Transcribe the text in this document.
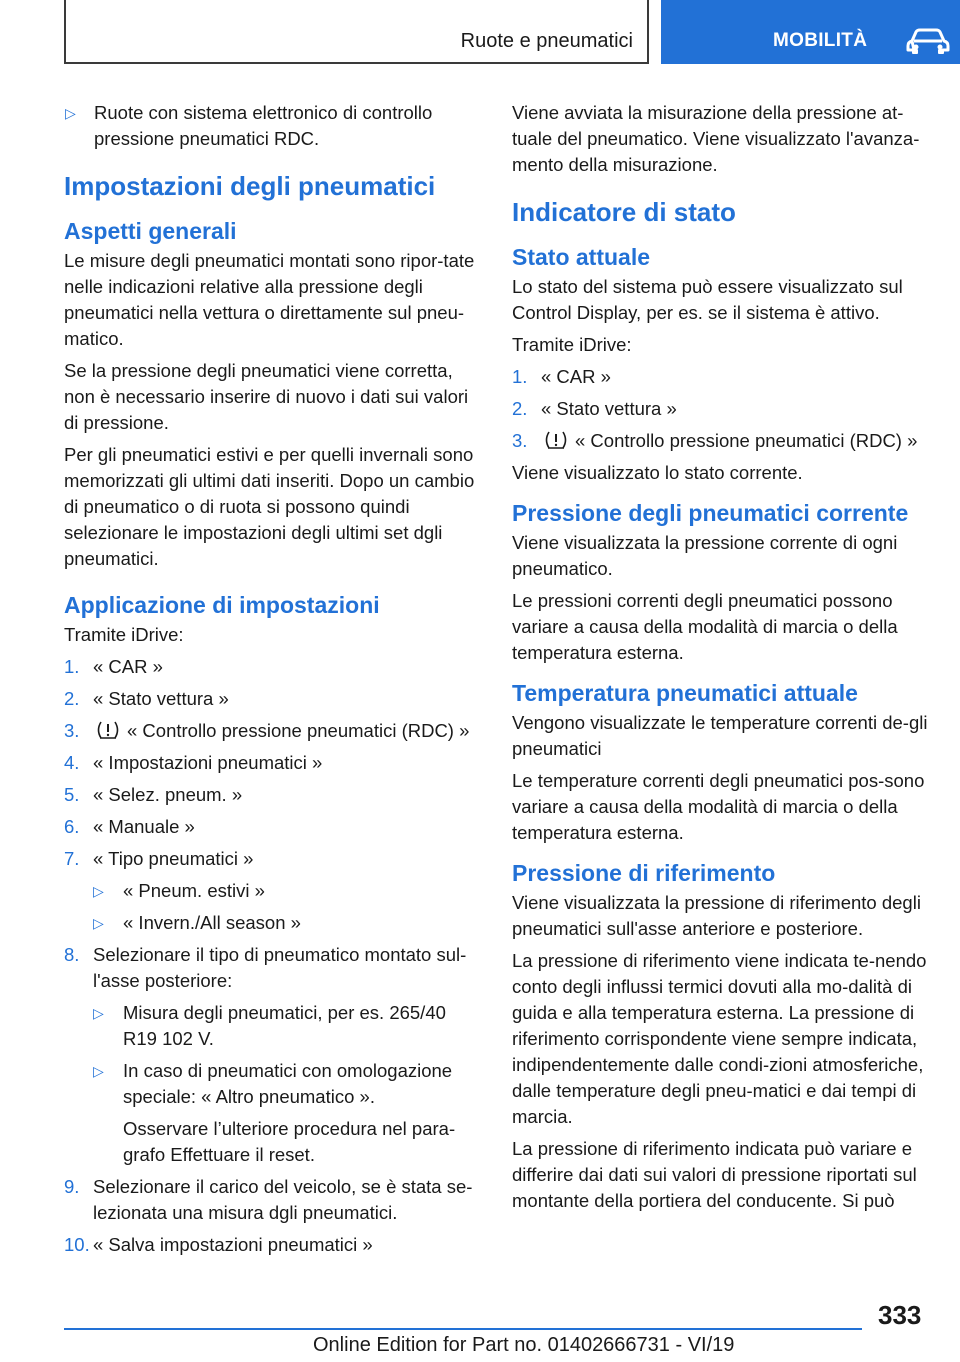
Ruote e pneumatici	MOBILITÀ
▷ Ruote con sistema elettronico di controllo pressione pneumatici RDC.
Impostazioni degli pneumatici
Aspetti generali

Le misure degli pneumatici montati sono ripor-tate nelle indicazioni relative alla pressione degli pneumatici nella vettura o direttamente sul pneu-matico.

Se la pressione degli pneumatici viene corretta, non è necessario inserire di nuovo i dati sui valori di pressione.

Per gli pneumatici estivi e per quelli invernali sono memorizzati gli ultimi dati inseriti. Dopo un cambio di pneumatico o di ruota si possono quindi selezionare le impostazioni degli ultimi set dgli pneumatici.

Applicazione di impostazioni

Tramite iDrive:

1. « CAR »
2. « Stato vettura »
3.	« Controllo pressione pneumatici (RDC) »
4. « Impostazioni pneumatici »
5. « Selez. pneum. »
6. « Manuale »
7. « Tipo pneumatici »
▷ « Pneum. estivi »
▷ « Invern./All season »
8. Selezionare il tipo di pneumatico montato sul-l'asse posteriore:
▷ Misura degli pneumatici, per es. 265/40 R19 102 V.
▷ In caso di pneumatici con omologazione speciale: « Altro pneumatico ».
Osservare l’ulteriore procedura nel para-grafo Effettuare il reset.
9. Selezionare il carico del veicolo, se è stata se-lezionata una misura dgli pneumatici.
10. « Salva impostazioni pneumatici »

Viene avviata la misurazione della pressione at-tuale del pneumatico. Viene visualizzato l'avanza-mento della misurazione.

Indicatore di stato
Stato attuale

Lo stato del sistema può essere visualizzato sul Control Display, per es. se il sistema è attivo.

Tramite iDrive:

1. « CAR »
2. « Stato vettura »
3.	« Controllo pressione pneumatici (RDC) »

Viene visualizzato lo stato corrente.

Pressione degli pneumatici corrente

Viene visualizzata la pressione corrente di ogni pneumatico.

Le pressioni correnti degli pneumatici possono variare a causa della modalità di marcia o della temperatura esterna.

Temperatura pneumatici attuale

Vengono visualizzate le temperature correnti de-gli pneumatici

Le temperature correnti degli pneumatici pos-sono variare a causa della modalità di marcia o della temperatura esterna.

Pressione di riferimento

Viene visualizzata la pressione di riferimento degli pneumatici sull'asse anteriore e posteriore.

La pressione di riferimento viene indicata te-nendo conto degli influssi termici dovuti alla mo-dalità di guida e alla temperatura esterna. La pressione di riferimento corrispondente viene sempre indicata, indipendentemente dalle condi-zioni atmosferiche, dalle temperature degli pneu-matici e dai tempi di marcia.

La pressione di riferimento indicata può variare e differire dai dati sui valori di pressione riportati sul montante della portiera del conducente. Si può

333
Online Edition for Part no. 01402666731 - VI/19
